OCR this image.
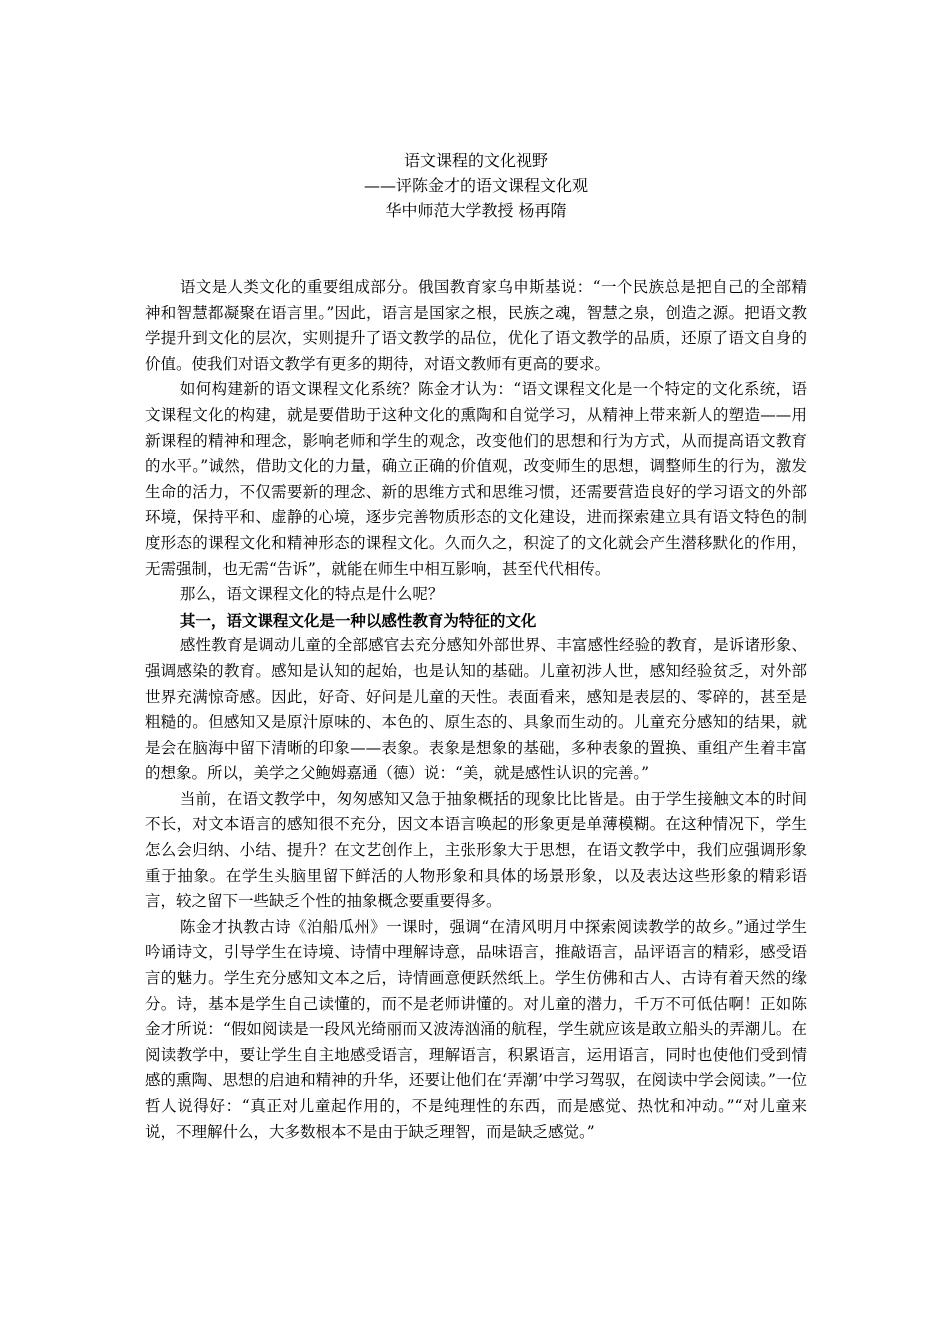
语文课程的文化视野
——评陈金才的语文课程文化观
华中师范大学教授 杨再隋

语文是人类文化的重要组成部分。俄国教育家乌申斯基说：“一个民族总是把自己的全部精神和智慧都凝聚在语言里。”因此，语言是国家之根，民族之魂，智慧之泉，创造之源。把语文教学提升到文化的层次，实则提升了语文教学的品位，优化了语文教学的品质，还原了语文自身的价值。使我们对语文教学有更多的期待，对语文教师有更高的要求。

如何构建新的语文课程文化系统？陈金才认为：“语文课程文化是一个特定的文化系统，语文课程文化的构建，就是要借助于这种文化的熏陶和自觉学习，从精神上带来新人的塑造——用新课程的精神和理念，影响老师和学生的观念，改变他们的思想和行为方式，从而提高语文教育的水平。”诚然，借助文化的力量，确立正确的价值观，改变师生的思想，调整师生的行为，激发生命的活力，不仅需要新的理念、新的思维方式和思维习惯，还需要营造良好的学习语文的外部环境，保持平和、虚静的心境，逐步完善物质形态的文化建设，进而探索建立具有语文特色的制度形态的课程文化和精神形态的课程文化。久而久之，积淀了的文化就会产生潜移默化的作用，无需强制，也无需“告诉”，就能在师生中相互影响，甚至代代相传。

那么，语文课程文化的特点是什么呢？

其一，语文课程文化是一种以感性教育为特征的文化

感性教育是调动儿童的全部感官去充分感知外部世界、丰富感性经验的教育，是诉诸形象、强调感染的教育。感知是认知的起始，也是认知的基础。儿童初涉人世，感知经验贫乏，对外部世界充满惊奇感。因此，好奇、好问是儿童的天性。表面看来，感知是表层的、零碎的，甚至是粗糙的。但感知又是原汁原味的、本色的、原生态的、具象而生动的。儿童充分感知的结果，就是会在脑海中留下清晰的印象——表象。表象是想象的基础，多种表象的置换、重组产生着丰富的想象。所以，美学之父鲍姆嘉通（德）说：“美，就是感性认识的完善。”

当前，在语文教学中，匆匆感知又急于抽象概括的现象比比皆是。由于学生接触文本的时间不长，对文本语言的感知很不充分，因文本语言唤起的形象更是单薄模糊。在这种情况下，学生怎么会归纳、小结、提升？在文艺创作上，主张形象大于思想，在语文教学中，我们应强调形象重于抽象。在学生头脑里留下鲜活的人物形象和具体的场景形象，以及表达这些形象的精彩语言，较之留下一些缺乏个性的抽象概念要重要得多。

陈金才执教古诗《泊船瓜州》一课时，强调“在清风明月中探索阅读教学的故乡。”通过学生吟诵诗文，引导学生在诗境、诗情中理解诗意，品味语言，推敲语言，品评语言的精彩，感受语言的魅力。学生充分感知文本之后，诗情画意便跃然纸上。学生仿佛和古人、古诗有着天然的缘分。诗，基本是学生自己读懂的，而不是老师讲懂的。对儿童的潜力，千万不可低估啊！正如陈金才所说：“假如阅读是一段风光绮丽而又波涛汹涌的航程，学生就应该是敢立船头的弄潮儿。在阅读教学中，要让学生自主地感受语言，理解语言，积累语言，运用语言，同时也使他们受到情感的熏陶、思想的启迪和精神的升华，还要让他们在‘弄潮’中学习驾驭，在阅读中学会阅读。”一位哲人说得好：“真正对儿童起作用的，不是纯理性的东西，而是感觉、热忱和冲动。”“对儿童来说，不理解什么，大多数根本不是由于缺乏理智，而是缺乏感觉。”
